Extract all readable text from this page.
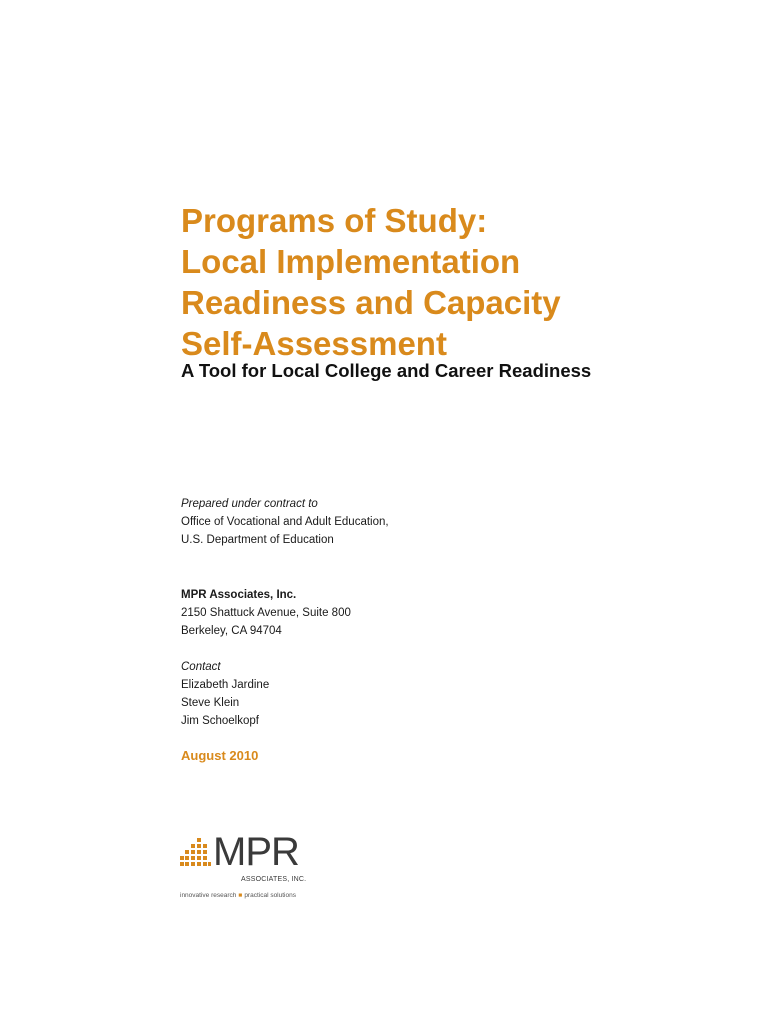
Programs of Study:
Local Implementation
Readiness and Capacity
Self-Assessment
A Tool for Local College and Career Readiness
Prepared under contract to
Office of Vocational and Adult Education,
U.S. Department of Education
MPR Associates, Inc.
2150 Shattuck Avenue, Suite 800
Berkeley, CA 94704
Contact
Elizabeth Jardine
Steve Klein
Jim Schoelkopf
August 2010
MPR
ASSOCIATES, INC.
innovative research ■ practical solutions
